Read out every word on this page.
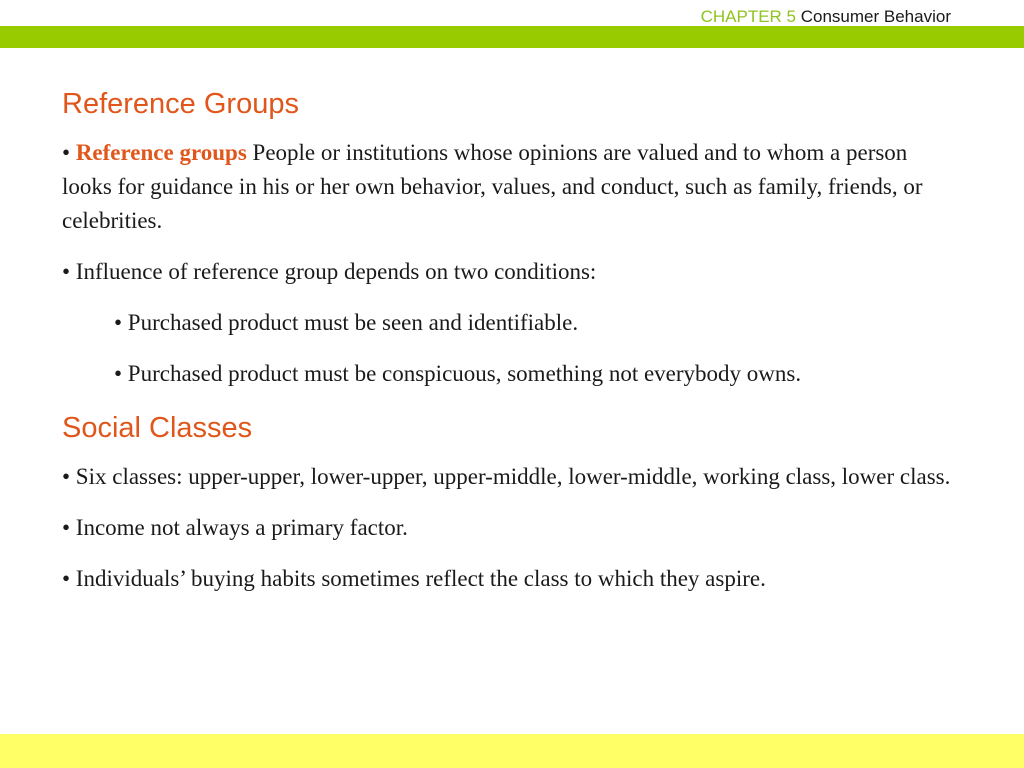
CHAPTER 5 Consumer Behavior
Reference Groups

• Reference groups People or institutions whose opinions are valued and to whom a person looks for guidance in his or her own behavior, values, and conduct, such as family, friends, or celebrities.

• Influence of reference group depends on two conditions:

• Purchased product must be seen and identifiable.

• Purchased product must be conspicuous, something not everybody owns.

Social Classes

• Six classes: upper-upper, lower-upper, upper-middle, lower-middle, working class, lower class.

• Income not always a primary factor.

• Individuals’ buying habits sometimes reflect the class to which they aspire.
